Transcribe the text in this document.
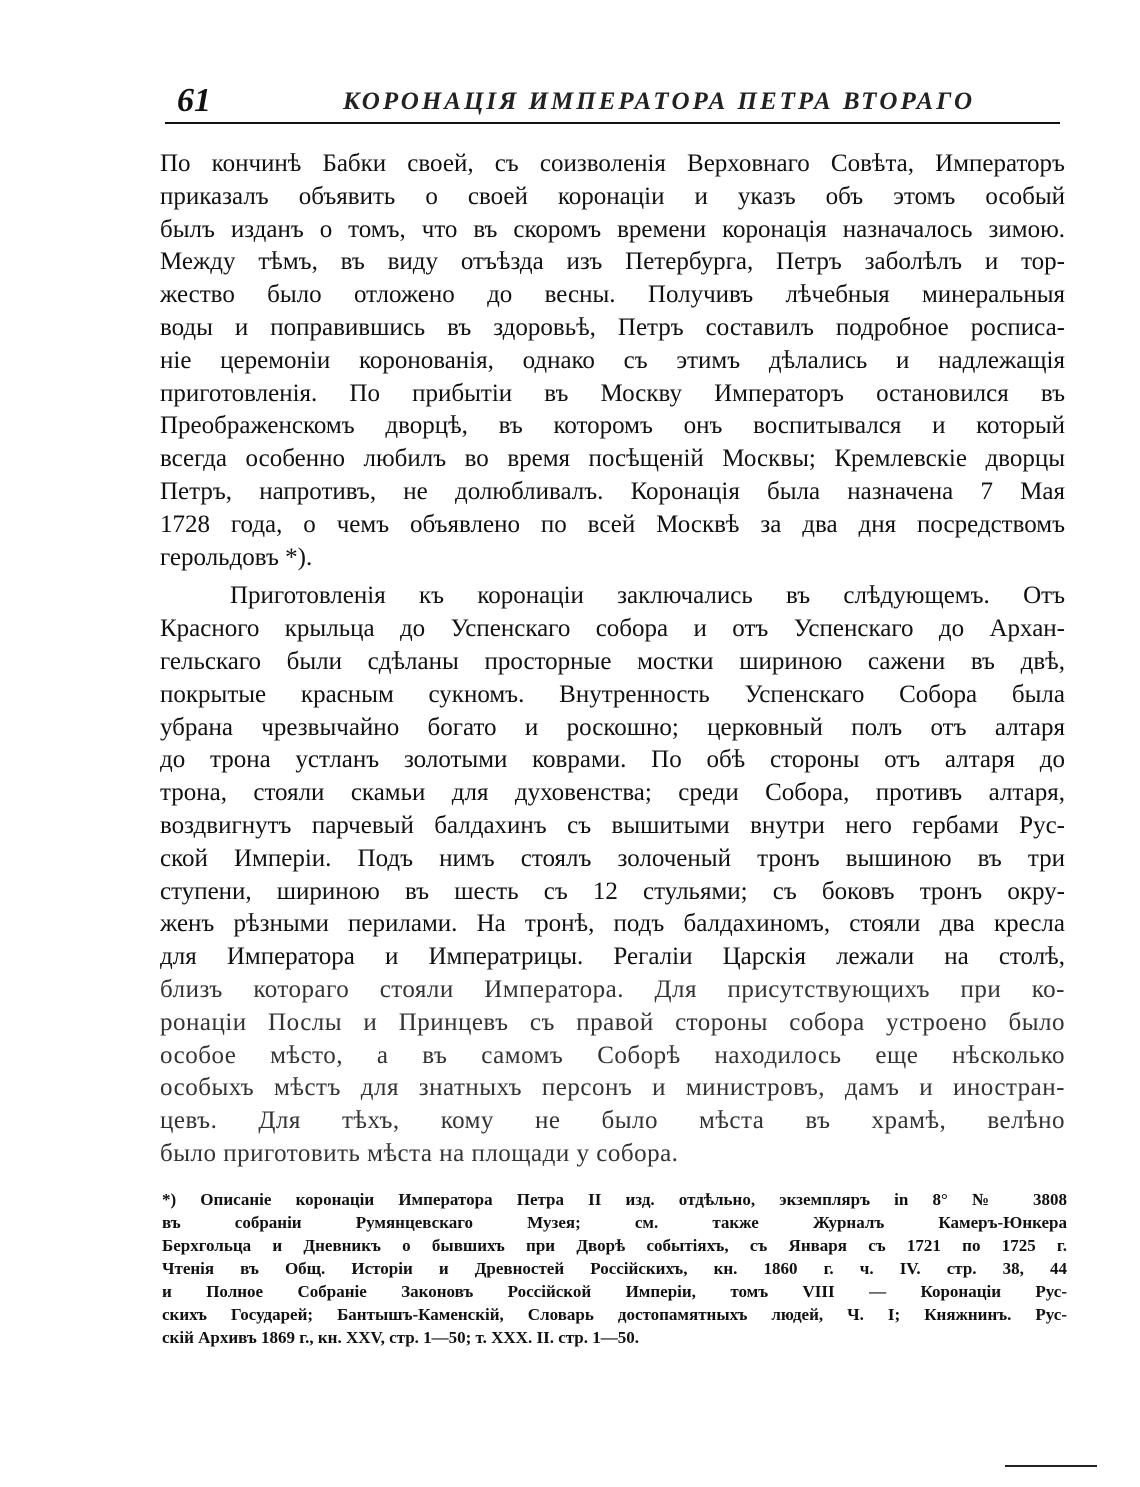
61	КОРОНАЦІЯ ИМПЕРАТОРА ПЕТРА ВТОРАГО
По кончинѣ Бабки своей, съ соизволенія Верховнаго Совѣта, Императоръ
приказалъ объявить о своей коронаціи и указъ объ этомъ особый
былъ изданъ о томъ, что въ скоромъ времени коронація назначалось зимою.
Между тѣмъ, въ виду отъѣзда изъ Петербурга, Петръ заболѣлъ и тор-
жество было отложено до весны. Получивъ лѣчебныя минеральныя
воды и поправившись въ здоровьѣ, Петръ составилъ подробное росписа-
ніе церемоніи коронованія, однако съ этимъ дѣлались и надлежащія
приготовленія. По прибытіи въ Москву Императоръ остановился въ
Преображенскомъ дворцѣ, въ которомъ онъ воспитывался и который
всегда особенно любилъ во время посѣщеній Москвы; Кремлевскіе дворцы
Петръ, напротивъ, не долюбливалъ. Коронація была назначена 7 Мая
1728 года, о чемъ объявлено по всей Москвѣ за два дня посредствомъ
герольдовъ *).
Приготовленія къ коронаціи заключались въ слѣдующемъ. Отъ
Красного крыльца до Успенскаго собора и отъ Успенскаго до Архан-
гельскаго были сдѣланы просторные мостки шириною сажени въ двѣ,
покрытые красным сукномъ. Внутренность Успенскаго Собора была
убрана чрезвычайно богато и роскошно; церковный полъ отъ алтаря
до трона устланъ золотыми коврами. По обѣ стороны отъ алтаря до
трона, стояли скамьи для духовенства; среди Собора, противъ алтаря,
воздвигнутъ парчевый балдахинъ съ вышитыми внутри него гербами Рус-
ской Имперіи. Подъ нимъ стоялъ золоченый тронъ вышиною въ три
ступени, шириною въ шесть съ 12 стульями; съ боковъ тронъ окру-
женъ рѣзными перилами. На тронѣ, подъ балдахиномъ, стояли два кресла
для Императора и Императрицы. Регаліи Царскія лежали на столѣ,
близъ котораго стояли Императора. Для присутствующихъ при ко-
ронаціи Послы и Принцевъ съ правой стороны собора устроено было
особое мѣсто, а въ самомъ Соборѣ находилось еще нѣсколько
особыхъ мѣстъ для знатныхъ персонъ и министровъ, дамъ и иностран-
цевъ. Для тѣхъ, кому не было мѣста въ храмѣ, велѣно
было приготовить мѣста на площади у собора.
*) Описаніе коронаціи Императора Петра II изд. отдѣльно, экземпляръ in 8° № 3808
въ собраніи Румянцевскаго Музея; см. также Журналъ Камеръ-Юнкера
Берхгольца и Дневникъ о бывшихъ при Дворѣ событіяхъ, съ Января съ 1721 по 1725 г.
Чтенія въ Общ. Исторіи и Древностей Россійскихъ, кн. 1860 г. ч. IV. стр. 38, 44
и Полное Собраніе Законовъ Россійской Имперіи, томъ VIII — Коронаціи Рус-
скихъ Государей; Бантышъ-Каменскій, Словарь достопамятныхъ людей, Ч. I; Княжнинъ. Рус-
скій Архивъ 1869 г., кн. XXV, стр. 1—50; т. XXX. II. стр. 1—50.
